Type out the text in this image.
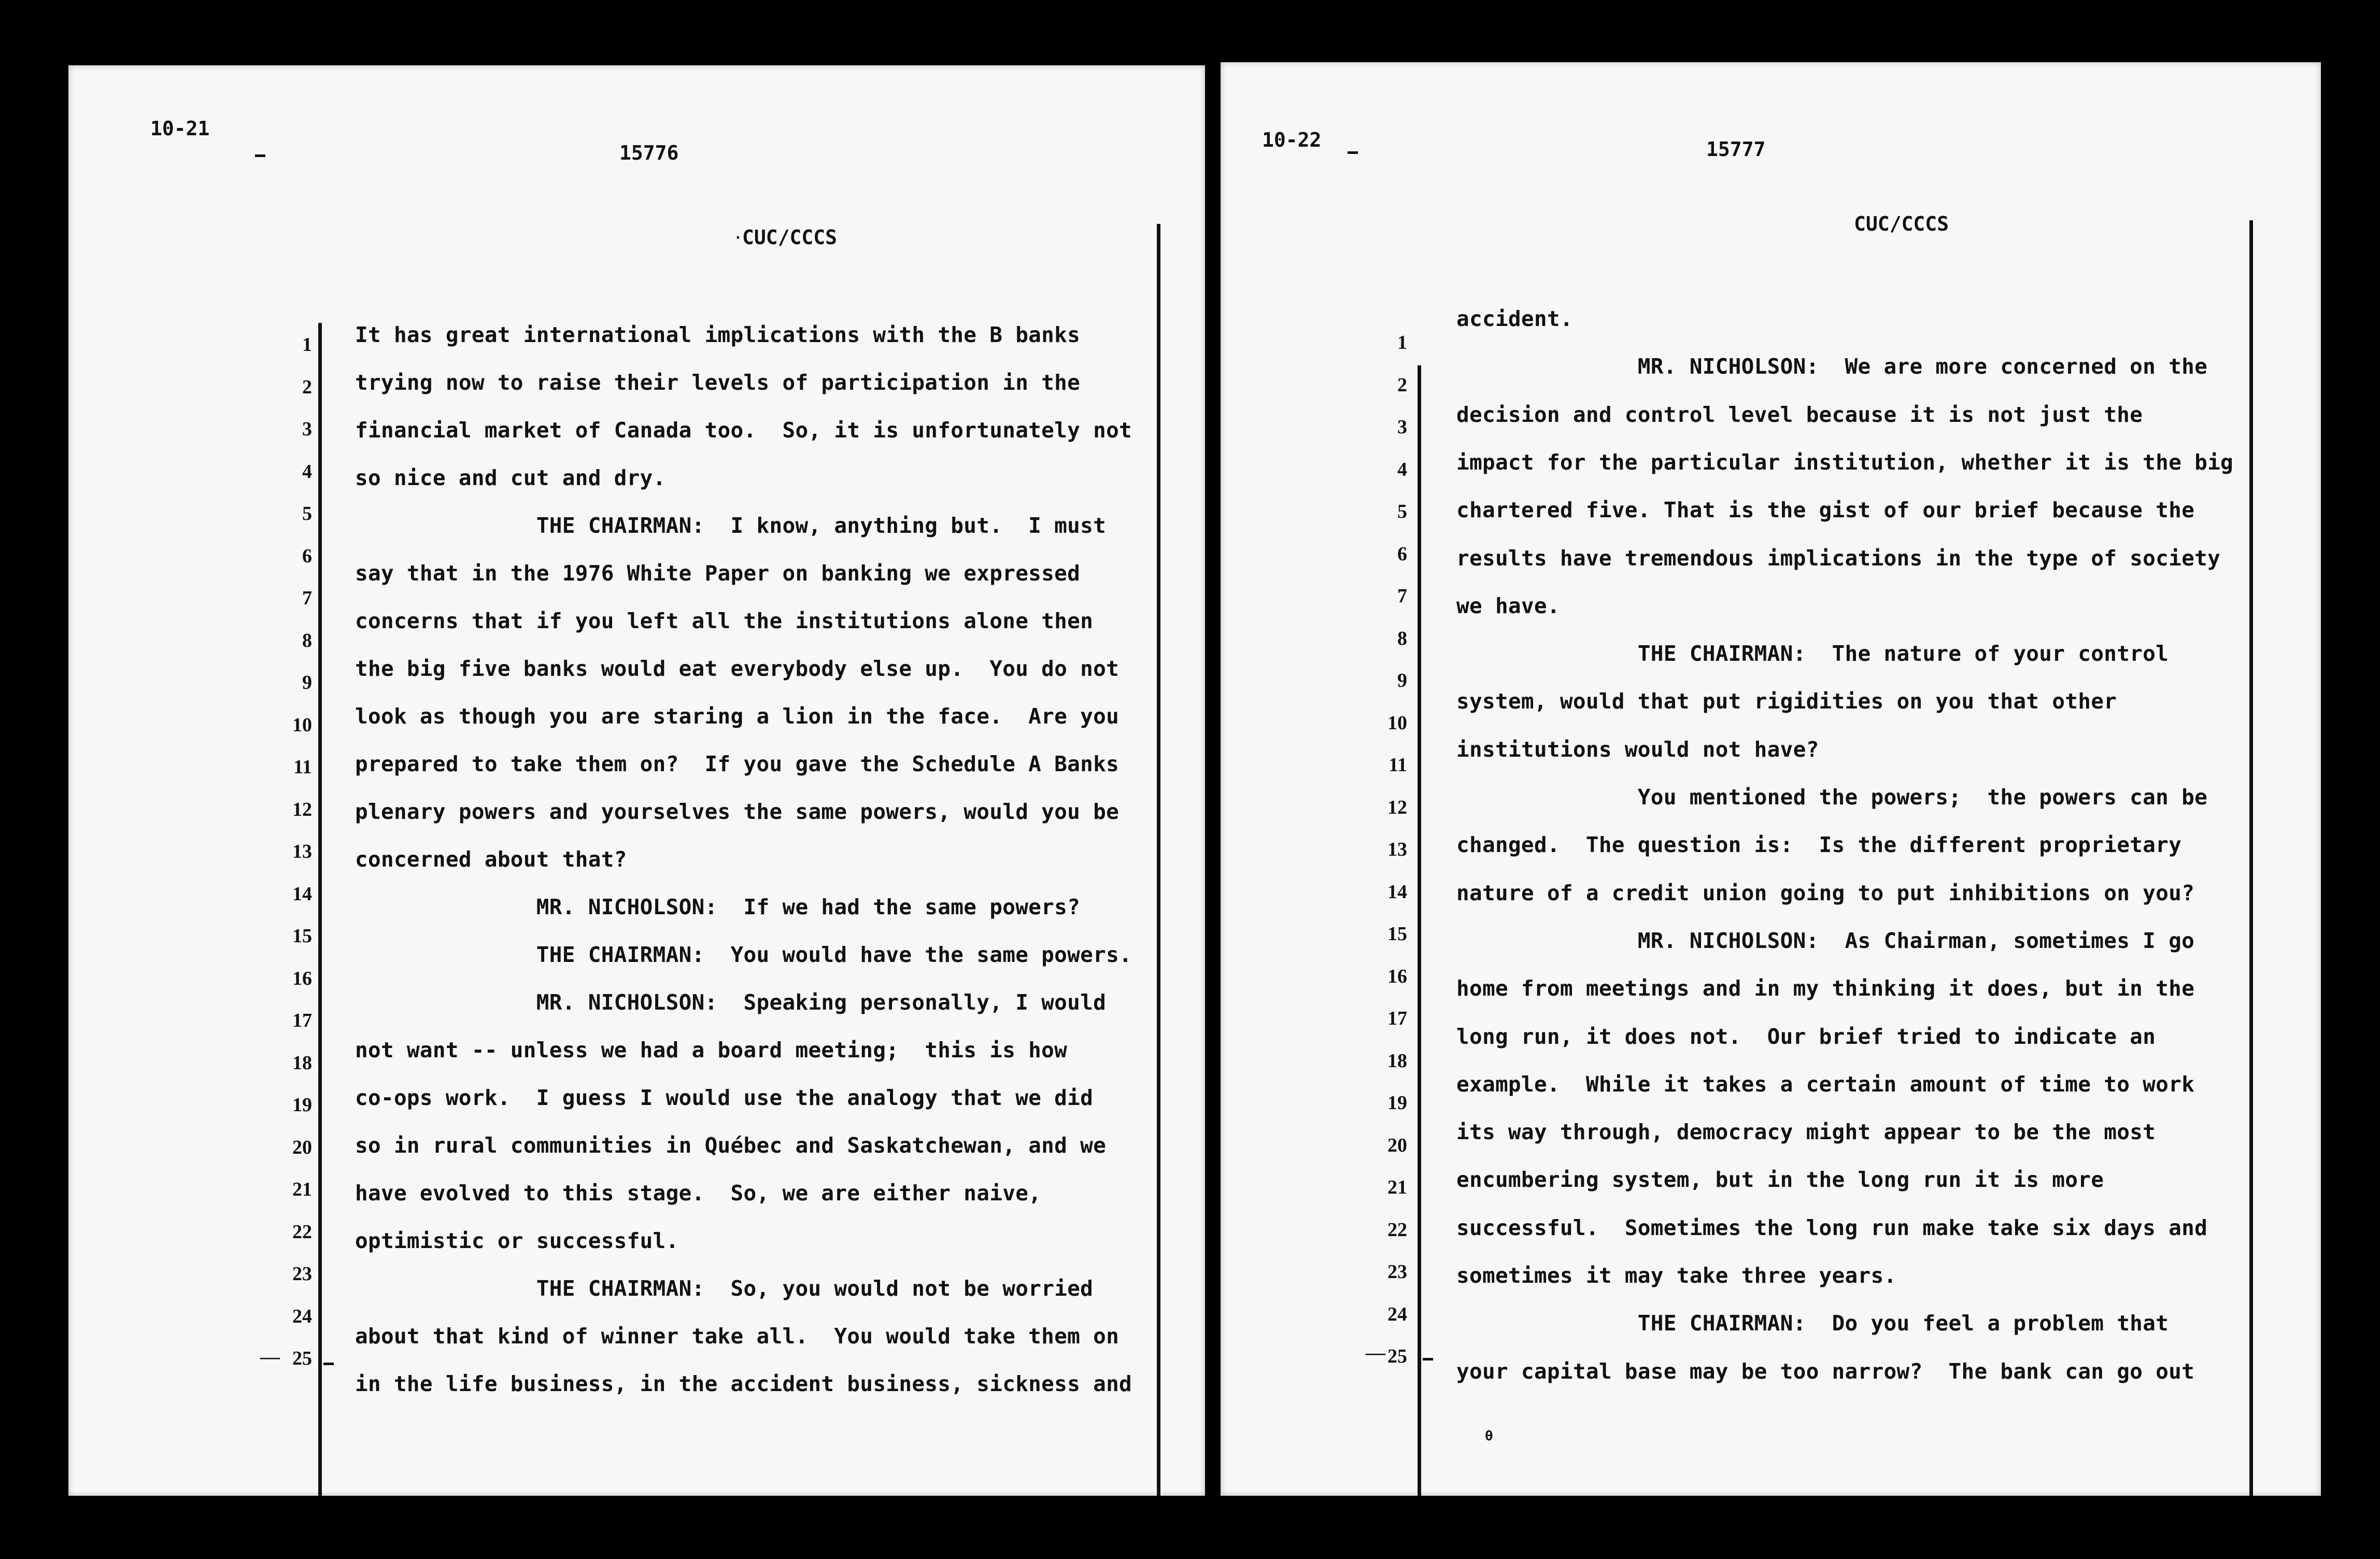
10-21
15776
CUC/CCCS
·
1
2
3
4
5
6
7
8
9
10
11
12
13
14
15
16
17
18
19
20
21
22
23
24
25
It has great international implications with the B banks
trying now to raise their levels of participation in the
financial market of Canada too.  So, it is unfortunately not
so nice and cut and dry.
THE CHAIRMAN:  I know, anything but.  I must
say that in the 1976 White Paper on banking we expressed
concerns that if you left all the institutions alone then
the big five banks would eat everybody else up.  You do not
look as though you are staring a lion in the face.  Are you
prepared to take them on?  If you gave the Schedule A Banks
plenary powers and yourselves the same powers, would you be
concerned about that?
MR. NICHOLSON:  If we had the same powers?
THE CHAIRMAN:  You would have the same powers.
MR. NICHOLSON:  Speaking personally, I would
not want -- unless we had a board meeting;  this is how
co-ops work.  I guess I would use the analogy that we did
so in rural communities in Québec and Saskatchewan, and we
have evolved to this stage.  So, we are either naive,
optimistic or successful.
THE CHAIRMAN:  So, you would not be worried
about that kind of winner take all.  You would take them on
in the life business, in the accident business, sickness and
—
10-22	15777
CUC/CCCS
1
2
3
4
5
6
7
8
9
10
11
12
13
14
15
16
17
18
19
20
21
22
23
24
25
accident.
MR. NICHOLSON:  We are more concerned on the
decision and control level because it is not just the
impact for the particular institution, whether it is the big
chartered five. That is the gist of our brief because the
results have tremendous implications in the type of society
we have.
THE CHAIRMAN:  The nature of your control
system, would that put rigidities on you that other
institutions would not have?
You mentioned the powers;  the powers can be
changed.  The question is:  Is the different proprietary
nature of a credit union going to put inhibitions on you?
MR. NICHOLSON:  As Chairman, sometimes I go
home from meetings and in my thinking it does, but in the
long run, it does not.  Our brief tried to indicate an
example.  While it takes a certain amount of time to work
its way through, democracy might appear to be the most
encumbering system, but in the long run it is more
successful.  Sometimes the long run make take six days and
sometimes it may take three years.
THE CHAIRMAN:  Do you feel a problem that
your capital base may be too narrow?  The bank can go out
—
θ
